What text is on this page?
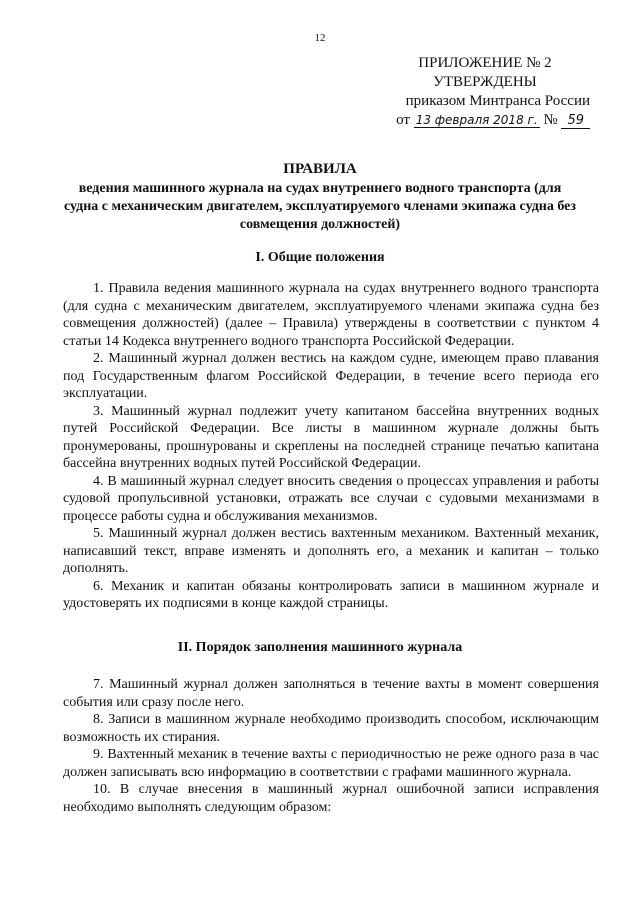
12
ПРИЛОЖЕНИЕ № 2
УТВЕРЖДЕНЫ
приказом Минтранса России
от 13 февраля 2018 г. № 59
ПРАВИЛА
ведения машинного журнала на судах внутреннего водного транспорта (для судна с механическим двигателем, эксплуатируемого членами экипажа судна без совмещения должностей)
I. Общие положения

1. Правила ведения машинного журнала на судах внутреннего водного транспорта (для судна с механическим двигателем, эксплуатируемого членами экипажа судна без совмещения должностей) (далее – Правила) утверждены в соответствии с пунктом 4 статьи 14 Кодекса внутреннего водного транспорта Российской Федерации.

2. Машинный журнал должен вестись на каждом судне, имеющем право плавания под Государственным флагом Российской Федерации, в течение всего периода его эксплуатации.

3. Машинный журнал подлежит учету капитаном бассейна внутренних водных путей Российской Федерации. Все листы в машинном журнале должны быть пронумерованы, прошнурованы и скреплены на последней странице печатью капитана бассейна внутренних водных путей Российской Федерации.

4. В машинный журнал следует вносить сведения о процессах управления и работы судовой пропульсивной установки, отражать все случаи с судовыми механизмами в процессе работы судна и обслуживания механизмов.

5. Машинный журнал должен вестись вахтенным механиком. Вахтенный механик, написавший текст, вправе изменять и дополнять его, а механик и капитан – только дополнять.

6. Механик и капитан обязаны контролировать записи в машинном журнале и удостоверять их подписями в конце каждой страницы.

II. Порядок заполнения машинного журнала

7. Машинный журнал должен заполняться в течение вахты в момент совершения события или сразу после него.

8. Записи в машинном журнале необходимо производить способом, исключающим возможность их стирания.

9. Вахтенный механик в течение вахты с периодичностью не реже одного раза в час должен записывать всю информацию в соответствии с графами машинного журнала.

10. В случае внесения в машинный журнал ошибочной записи исправления необходимо выполнять следующим образом:
